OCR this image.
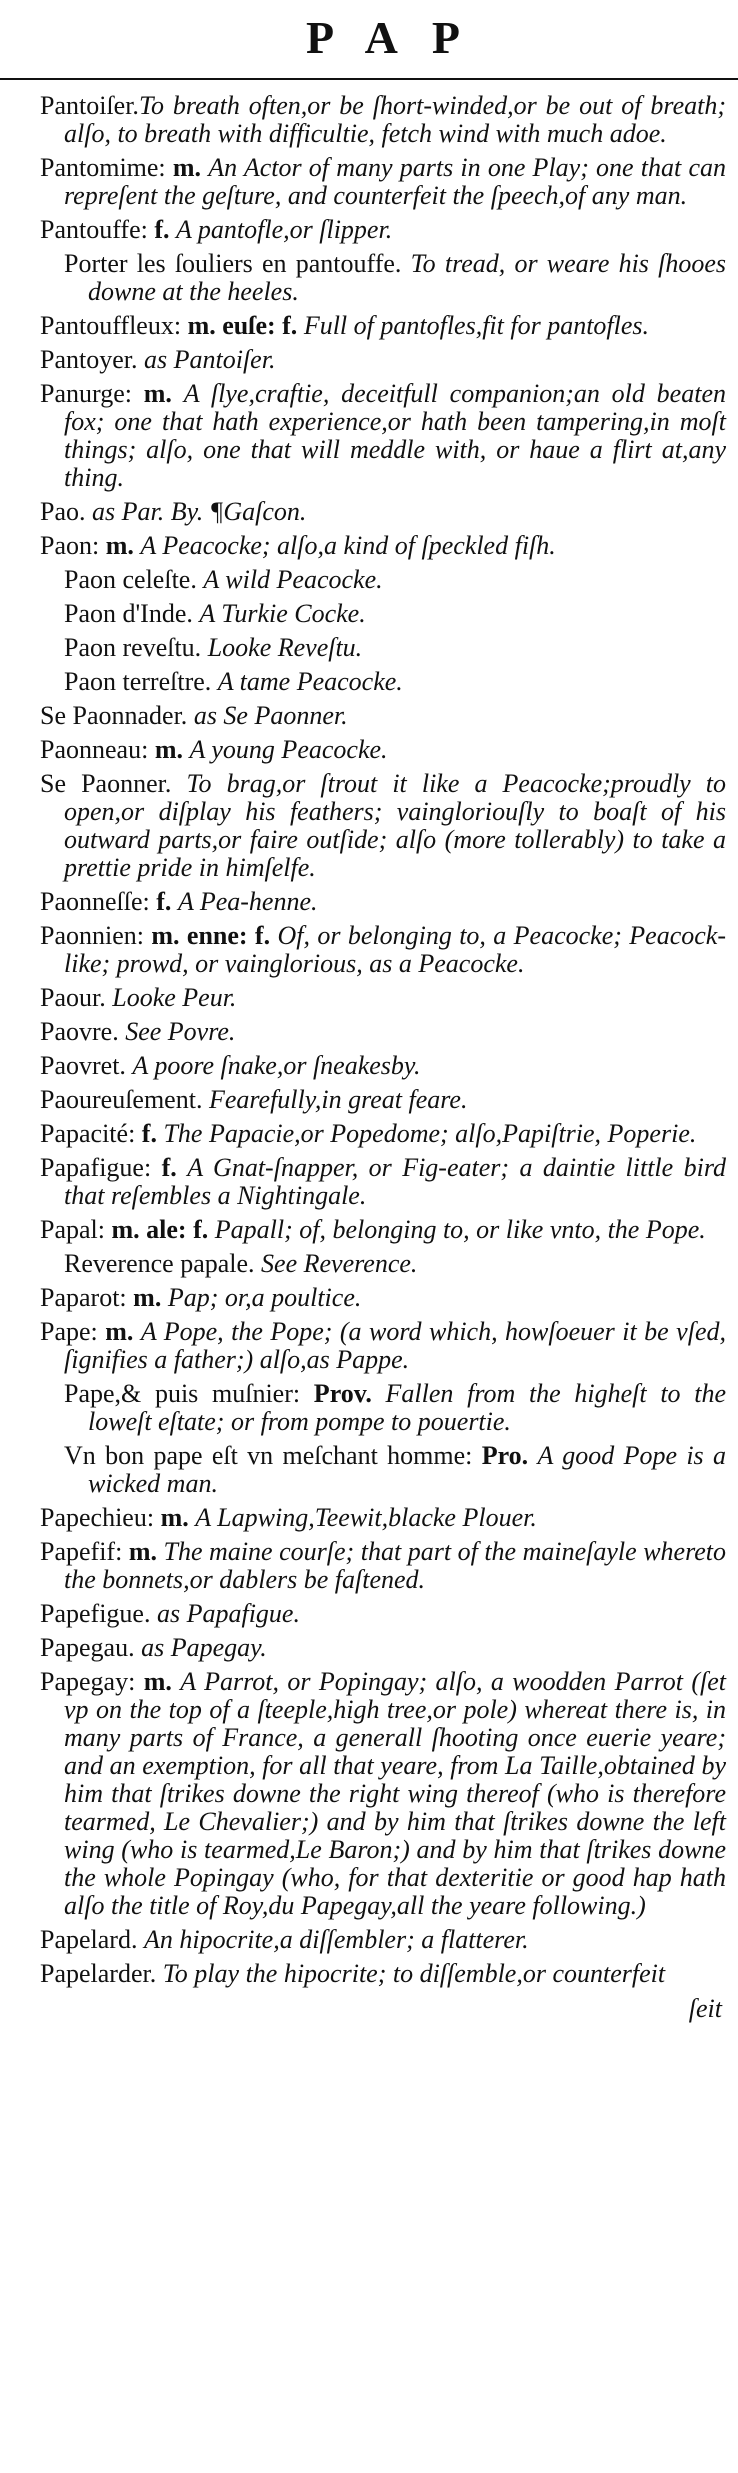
PAP
Pantoiſer.To breath often,or be ſhort-winded,or be out of breath; alſo, to breath with difficultie, fetch wind with much adoe.
Pantomime: m. An Actor of many parts in one Play; one that can repreſent the geſture, and counterfeit the ſpeech,of any man.
Pantouffe: f. A pantofle,or ſlipper.
Porter les ſouliers en pantouffe. To tread, or weare his ſhooes downe at the heeles.
Pantouffleux: m. euſe: f. Full of pantofles,fit for pantofles.
Pantoyer. as Pantoiſer.
Panurge: m. A ſlye,craftie, deceitfull companion;an old beaten fox; one that hath experience,or hath been tampering,in moſt things; alſo, one that will meddle with, or haue a flirt at,any thing.
Pao. as Par. By. ¶Gaſcon.
Paon: m. A Peacocke; alſo,a kind of ſpeckled fiſh.
Paon celeſte. A wild Peacocke.
Paon d'Inde. A Turkie Cocke.
Paon reveſtu. Looke Reveſtu.
Paon terreſtre. A tame Peacocke.
Se Paonnader. as Se Paonner.
Paonneau: m. A young Peacocke.
Se Paonner. To brag,or ſtrout it like a Peacocke;proudly to open,or diſplay his feathers; vaingloriouſly to boaſt of his outward parts,or faire outſide; alſo (more tollerably) to take a prettie pride in himſelfe.
Paonneſſe: f. A Pea-henne.
Paonnien: m. enne: f. Of, or belonging to, a Peacocke; Peacock-like; prowd, or vainglorious, as a Peacocke.
Paour. Looke Peur.
Paovre. See Povre.
Paovret. A poore ſnake,or ſneakesby.
Paoureuſement. Fearefully,in great feare.
Papacité: f. The Papacie,or Popedome; alſo,Papiſtrie, Poperie.
Papafigue: f. A Gnat-ſnapper, or Fig-eater; a daintie little bird that reſembles a Nightingale.
Papal: m. ale: f. Papall; of, belonging to, or like vnto, the Pope.
Reverence papale. See Reverence.
Paparot: m. Pap; or,a poultice.
Pape: m. A Pope, the Pope; (a word which, howſoeuer it be vſed, ſignifies a father;) alſo,as Pappe.
Pape,& puis muſnier: Prov. Fallen from the higheſt to the loweſt eſtate; or from pompe to pouertie.
Vn bon pape eſt vn meſchant homme: Pro. A good Pope is a wicked man.
Papechieu: m. A Lapwing,Teewit,blacke Plouer.
Papefif: m. The maine courſe; that part of the maineſayle whereto the bonnets,or dablers be faſtened.
Papefigue. as Papafigue.
Papegau. as Papegay.
Papegay: m. A Parrot, or Popingay; alſo, a woodden Parrot (ſet vp on the top of a ſteeple,high tree,or pole) whereat there is, in many parts of France, a generall ſhooting once euerie yeare; and an exemption, for all that yeare, from La Taille,obtained by him that ſtrikes downe the right wing thereof (who is therefore tearmed, Le Chevalier;) and by him that ſtrikes downe the left wing (who is tearmed,Le Baron;) and by him that ſtrikes downe the whole Popingay (who, for that dexteritie or good hap hath alſo the title of Roy,du Papegay,all the yeare following.)
Papelard. An hipocrite,a diſſembler; a flatterer.
Papelarder. To play the hipocrite; to diſſemble,or counterfeit
ſeit
